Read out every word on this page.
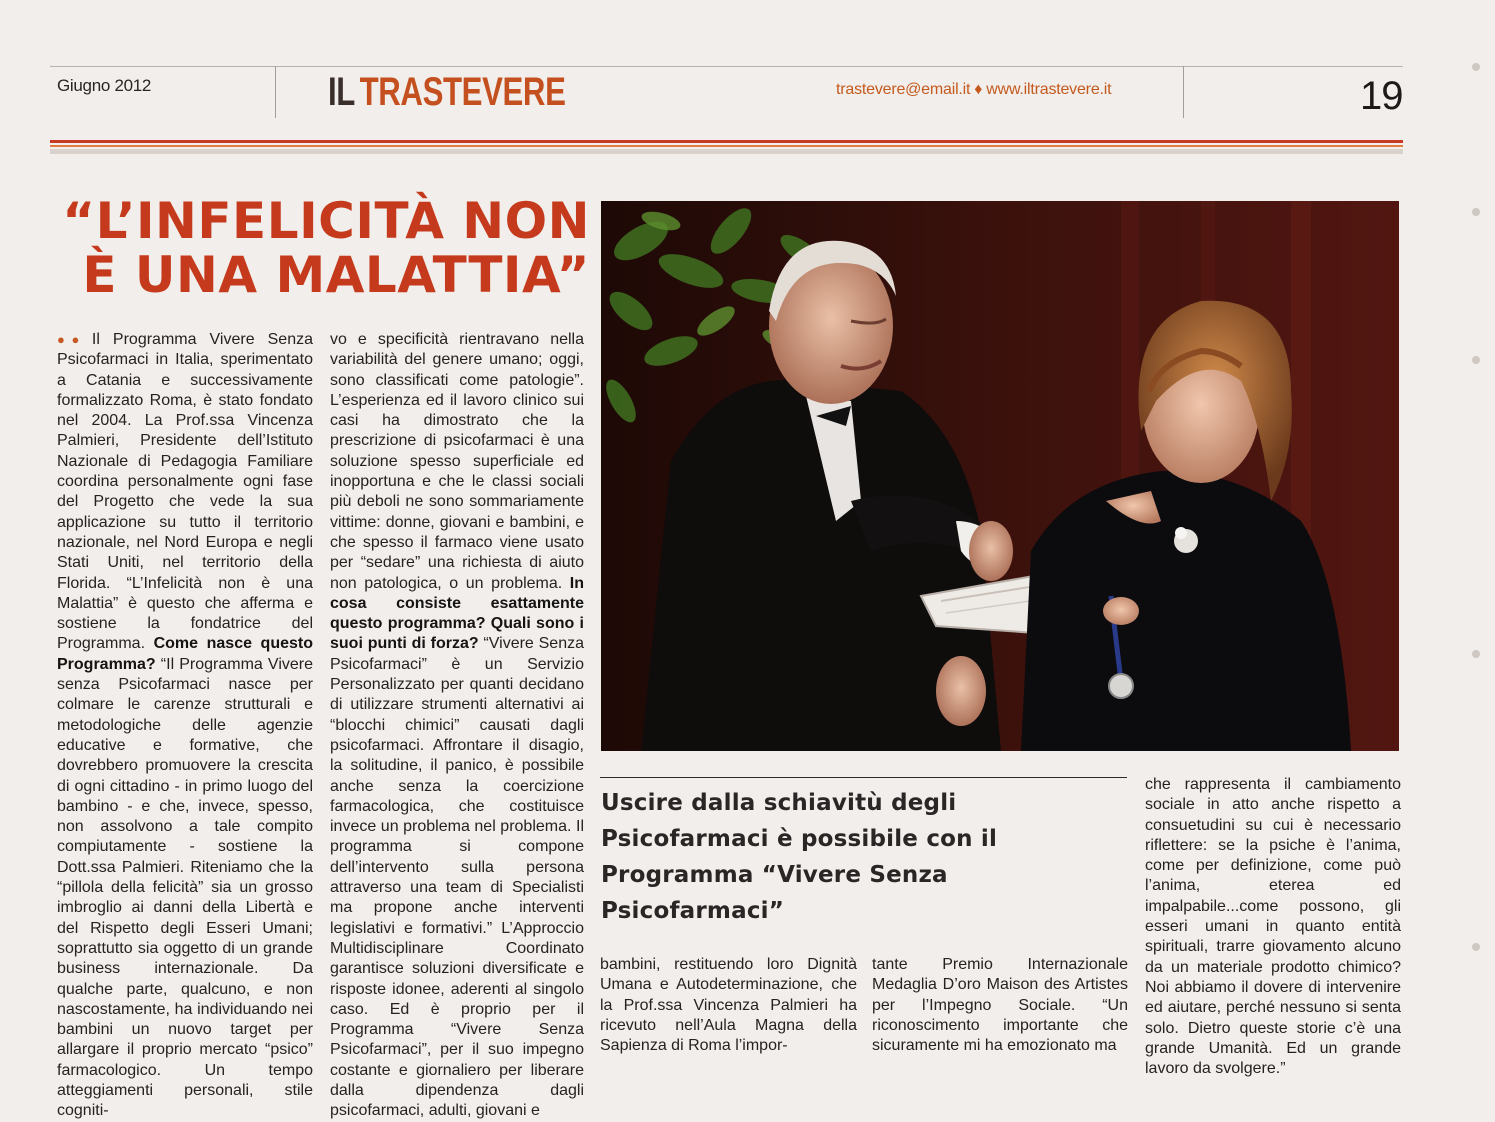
Giugno 2012	IL TRASTEVERE	trastevere@email.it ♦ www.iltrastevere.it	19
“L’INFELICITÀ NON È UNA MALATTIA”

●● Il Programma Vivere Senza Psicofarmaci in Italia, sperimentato a Catania e successivamente formalizzato Roma, è stato fondato nel 2004. La Prof.ssa Vincenza Palmieri, Presidente dell’Istituto Nazionale di Pedagogia Familiare coordina personalmente ogni fase del Progetto che vede la sua applicazione su tutto il territorio nazionale, nel Nord Europa e negli Stati Uniti, nel territorio della Florida. “L’Infelicità non è una Malattia” è questo che afferma e sostiene la fondatrice del Programma. Come nasce questo Programma? “Il Programma Vivere senza Psicofarmaci nasce per colmare le carenze strutturali e metodologiche delle agenzie educative e formative, che dovrebbero promuovere la crescita di ogni cittadino - in primo luogo del bambino - e che, invece, spesso, non assolvono a tale compito compiutamente - sostiene la Dott.ssa Palmieri. Riteniamo che la “pillola della felicità” sia un grosso imbroglio ai danni della Libertà e del Rispetto degli Esseri Umani; soprattutto sia oggetto di un grande business internazionale. Da qualche parte, qualcuno, e non nascostamente, ha individuando nei bambini un nuovo target per allargare il proprio mercato “psico” farmacologico. Un tempo atteggiamenti personali, stile cogniti-

vo e specificità rientravano nella variabilità del genere umano; oggi, sono classificati come patologie”. L’esperienza ed il lavoro clinico sui casi ha dimostrato che la prescrizione di psicofarmaci è una soluzione spesso superficiale ed inopportuna e che le classi sociali più deboli ne sono sommariamente vittime: donne, giovani e bambini, e che spesso il farmaco viene usato per “sedare” una richiesta di aiuto non patologica, o un problema. In cosa consiste esattamente questo programma? Quali sono i suoi punti di forza? “Vivere Senza Psicofarmaci” è un Servizio Personalizzato per quanti decidano di utilizzare strumenti alternativi ai “blocchi chimici” causati dagli psicofarmaci. Affrontare il disagio, la solitudine, il panico, è possibile anche senza la coercizione farmacologica, che costituisce invece un problema nel problema. Il programma si compone dell’intervento sulla persona attraverso una team di Specialisti ma propone anche interventi legislativi e formativi.” L’Approccio Multidisciplinare Coordinato garantisce soluzioni diversificate e risposte idonee, aderenti al singolo caso. Ed è proprio per il Programma “Vivere Senza Psicofarmaci”, per il suo impegno costante e giornaliero per liberare dalla dipendenza dagli psicofarmaci, adulti, giovani e

Uscire dalla schiavitù degli Psicofarmaci è possibile con il Programma “Vivere Senza Psicofarmaci”

bambini, restituendo loro Dignità Umana e Autodeterminazione, che la Prof.ssa Vincenza Palmieri ha ricevuto nell’Aula Magna della Sapienza di Roma l’impor-

tante Premio Internazionale Medaglia D’oro Maison des Artistes per l’Impegno Sociale. “Un riconoscimento importante che sicuramente mi ha emozionato ma

che rappresenta il cambiamento sociale in atto anche rispetto a consuetudini su cui è necessario riflettere: se la psiche è l’anima, come per definizione, come può l’anima, eterea ed impalpabile...come possono, gli esseri umani in quanto entità spirituali, trarre giovamento alcuno da un materiale prodotto chimico? Noi abbiamo il dovere di intervenire ed aiutare, perché nessuno si senta solo. Dietro queste storie c’è una grande Umanità. Ed un grande lavoro da svolgere.”
